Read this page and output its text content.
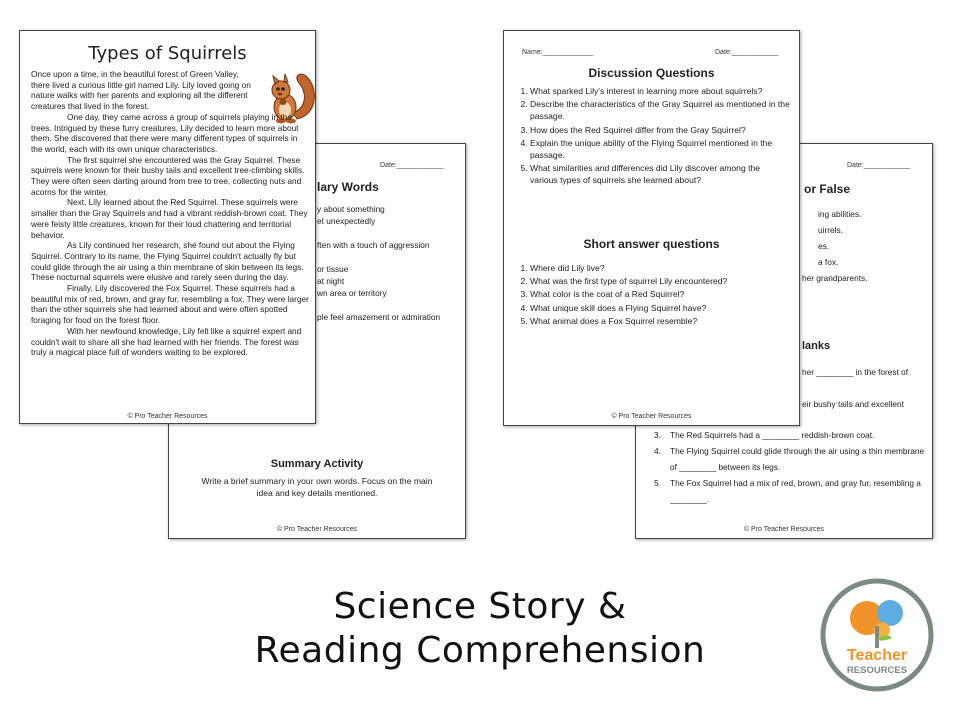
Date:____________
or False
ing abilities.
uirrels.
es.
a fox.
her grandparents.
lanks
her ________ in the forest of
eir bushy tails and excellent
3. The Red Squirrels had a ________ reddish-brown coat.
4. The Flying Squirrel could glide through the air using a thin membrane
of ________ between its legs.
5. The Fox Squirrel had a mix of red, brown, and gray fur, resembling a
________.
© Pro Teacher Resources
Date:____________
lary Words
y about something
et unexpectedly
ften with a touch of aggression
or tissue
at night
wn area or territory
ple feel amazement or admiration
Summary Activity
Write a brief summary in your own words. Focus on the main idea and key details mentioned.
© Pro Teacher Resources
Name:_____________	Date:____________
Discussion Questions
1. What sparked Lily's interest in learning more about squirrels?
2. Describe the characteristics of the Gray Squirrel as mentioned in the passage.
3. How does the Red Squirrel differ from the Gray Squirrel?
4. Explain the unique ability of the Flying Squirrel mentioned in the passage.
5. What similarities and differences did Lily discover among the various types of squirrels she learned about?
Short answer questions
1. Where did Lily live?
2. What was the first type of squirrel Lily encountered?
3. What color is the coat of a Red Squirrel?
4. What unique skill does a Flying Squirrel have?
5. What animal does a Fox Squirrel resemble?
© Pro Teacher Resources
Types of Squirrels

Once upon a time, in the beautiful forest of Green Valley, there lived a curious little girl named Lily. Lily loved going on nature walks with her parents and exploring all the different creatures that lived in the forest.

One day, they came across a group of squirrels playing in the trees. Intrigued by these furry creatures, Lily decided to learn more about them. She discovered that there were many different types of squirrels in the world, each with its own unique characteristics.

The first squirrel she encountered was the Gray Squirrel. These squirrels were known for their bushy tails and excellent tree-climbing skills. They were often seen darting around from tree to tree, collecting nuts and acorns for the winter.

Next, Lily learned about the Red Squirrel. These squirrels were smaller than the Gray Squirrels and had a vibrant reddish-brown coat. They were feisty little creatures, known for their loud chattering and territorial behavior.

As Lily continued her research, she found out about the Flying Squirrel. Contrary to its name, the Flying Squirrel couldn't actually fly but could glide through the air using a thin membrane of skin between its legs. These nocturnal squirrels were elusive and rarely seen during the day.

Finally, Lily discovered the Fox Squirrel. These squirrels had a beautiful mix of red, brown, and gray fur, resembling a fox. They were larger than the other squirrels she had learned about and were often spotted foraging for food on the forest floor.

With her newfound knowledge, Lily felt like a squirrel expert and couldn't wait to share all she had learned with her friends. The forest was truly a magical place full of wonders waiting to be explored.

© Pro Teacher Resources
Science Story &
Reading Comprehension	Teacher
RESOURCES
